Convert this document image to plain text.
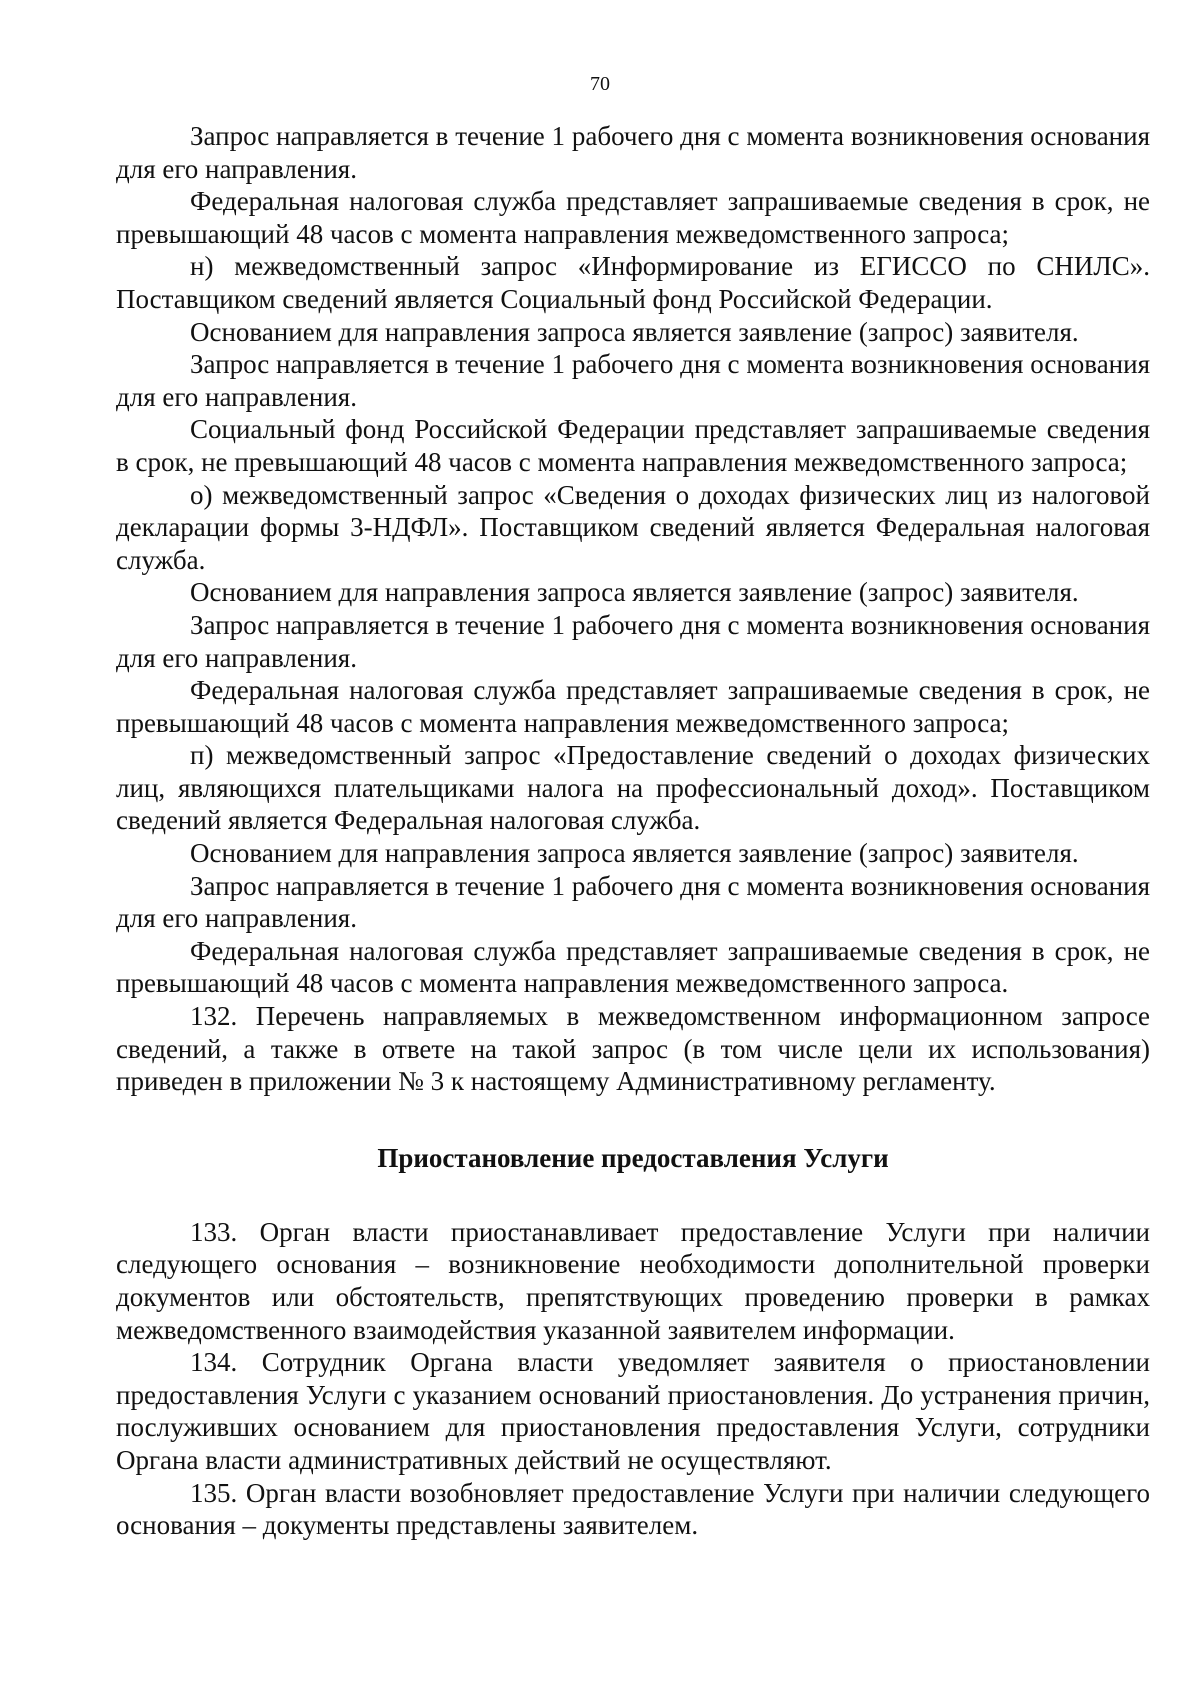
70

Запрос направляется в течение 1 рабочего дня с момента возникновения основания для его направления.

Федеральная налоговая служба представляет запрашиваемые сведения в срок, не превышающий 48 часов с момента направления межведомственного запроса;

н) межведомственный запрос «Информирование из ЕГИССО по СНИЛС». Поставщиком сведений является Социальный фонд Российской Федерации.

Основанием для направления запроса является заявление (запрос) заявителя.

Запрос направляется в течение 1 рабочего дня с момента возникновения основания для его направления.

Социальный фонд Российской Федерации представляет запрашиваемые сведения в срок, не превышающий 48 часов с момента направления межведомственного запроса;

о) межведомственный запрос «Сведения о доходах физических лиц из налоговой декларации формы 3-НДФЛ». Поставщиком сведений является Федеральная налоговая служба.

Основанием для направления запроса является заявление (запрос) заявителя.

Запрос направляется в течение 1 рабочего дня с момента возникновения основания для его направления.

Федеральная налоговая служба представляет запрашиваемые сведения в срок, не превышающий 48 часов с момента направления межведомственного запроса;

п) межведомственный запрос «Предоставление сведений о доходах физических лиц, являющихся плательщиками налога на профессиональный доход». Поставщиком сведений является Федеральная налоговая служба.

Основанием для направления запроса является заявление (запрос) заявителя.

Запрос направляется в течение 1 рабочего дня с момента возникновения основания для его направления.

Федеральная налоговая служба представляет запрашиваемые сведения в срок, не превышающий 48 часов с момента направления межведомственного запроса.

132. Перечень направляемых в межведомственном информационном запросе сведений, а также в ответе на такой запрос (в том числе цели их использования) приведен в приложении № 3 к настоящему Административному регламенту.

Приостановление предоставления Услуги

133. Орган власти приостанавливает предоставление Услуги при наличии следующего основания – возникновение необходимости дополнительной проверки документов или обстоятельств, препятствующих проведению проверки в рамках межведомственного взаимодействия указанной заявителем информации.

134. Сотрудник Органа власти уведомляет заявителя о приостановлении предоставления Услуги с указанием оснований приостановления. До устранения причин, послуживших основанием для приостановления предоставления Услуги, сотрудники Органа власти административных действий не осуществляют.

135. Орган власти возобновляет предоставление Услуги при наличии следующего основания – документы представлены заявителем.
